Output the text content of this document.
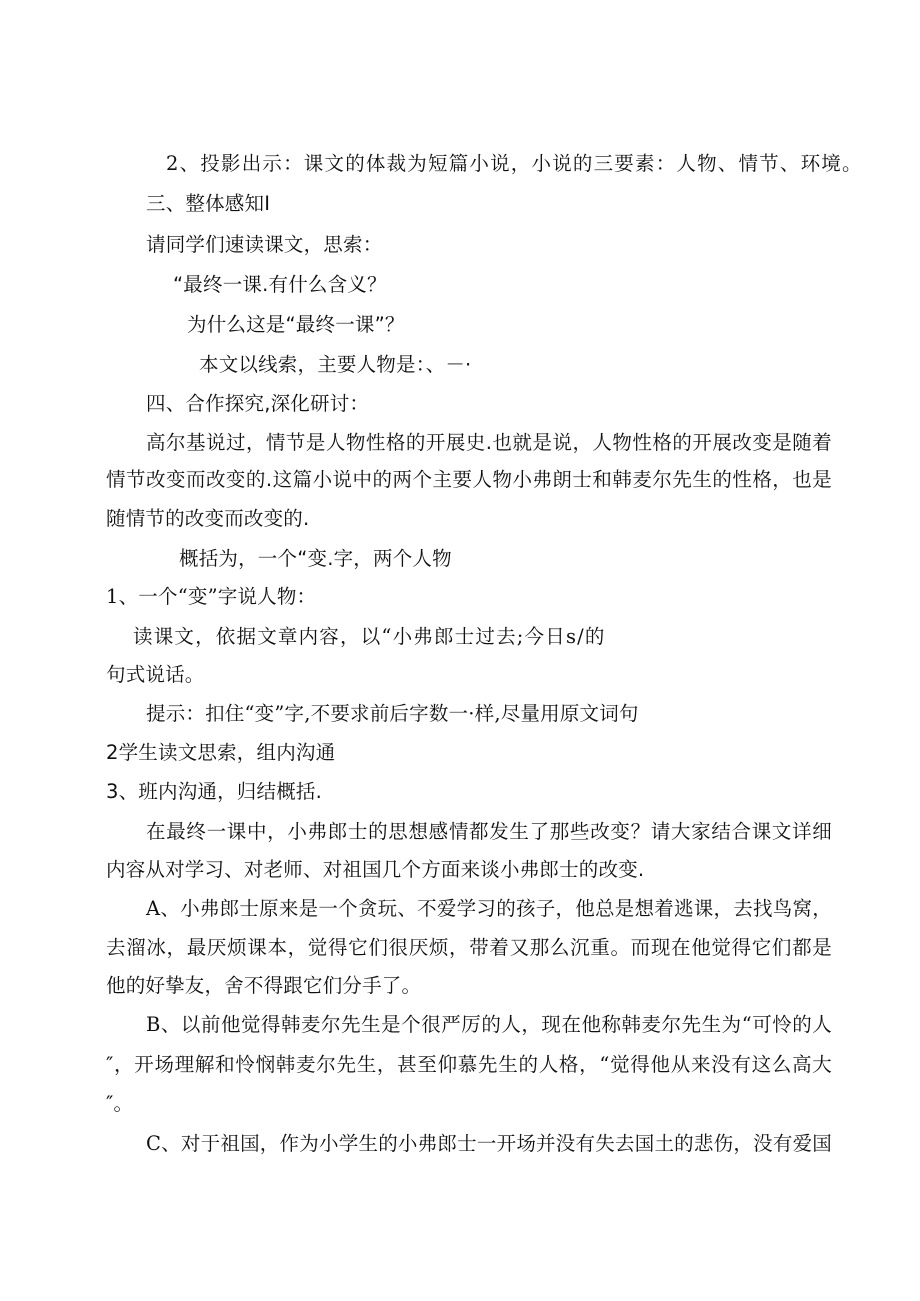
2、投影出示：课文的体裁为短篇小说，小说的三要素：人物、情节、环境。

三、整体感知Ⅰ

请同学们速读课文，思索：

“最终一课.有什么含义？

为什么这是“最终一课”？

本文以线索，主要人物是：、－·

四、合作探究,深化研讨：

高尔基说过，情节是人物性格的开展史.也就是说，人物性格的开展改变是随着

情节改变而改变的.这篇小说中的两个主要人物小弗朗士和韩麦尔先生的性格，也是

随情节的改变而改变的.

概括为，一个“变.字，两个人物

1、一个“变”字说人物：

读课文，依据文章内容，以“小弗郎士过去;今日s/的

句式说话。

提示：扣住“变”字,不要求前后字数一·样,尽量用原文词句

2学生读文思索，组内沟通

3、班内沟通，归结概括.

在最终一课中，小弗郎士的思想感情都发生了那些改变？请大家结合课文详细

内容从对学习、对老师、对祖国几个方面来谈小弗郎士的改变.

A、小弗郎士原来是一个贪玩、不爱学习的孩子，他总是想着逃课，去找鸟窝，

去溜冰，最厌烦课本，觉得它们很厌烦，带着又那么沉重。而现在他觉得它们都是

他的好挚友，舍不得跟它们分手了。

B、以前他觉得韩麦尔先生是个很严厉的人，现在他称韩麦尔先生为“可怜的人

″，开场理解和怜悯韩麦尔先生，甚至仰慕先生的人格，“觉得他从来没有这么高大

″。

C、对于祖国，作为小学生的小弗郎士一开场并没有失去国土的悲伤，没有爱国
